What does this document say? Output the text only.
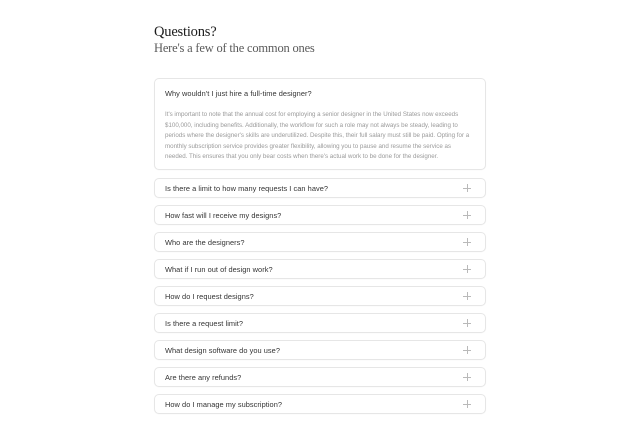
Questions?
Here's a few of the common ones
Why wouldn't I just hire a full-time designer?
It's important to note that the annual cost for employing a senior designer in the United States now exceeds $100,000, including benefits. Additionally, the workflow for such a role may not always be steady, leading to periods where the designer's skills are underutilized. Despite this, their full salary must still be paid. Opting for a monthly subscription service provides greater flexibility, allowing you to pause and resume the service as needed. This ensures that you only bear costs when there's actual work to be done for the designer.
Is there a limit to how many requests I can have?
How fast will I receive my designs?
Who are the designers?
What if I run out of design work?
How do I request designs?
Is there a request limit?
What design software do you use?
Are there any refunds?
How do I manage my subscription?
